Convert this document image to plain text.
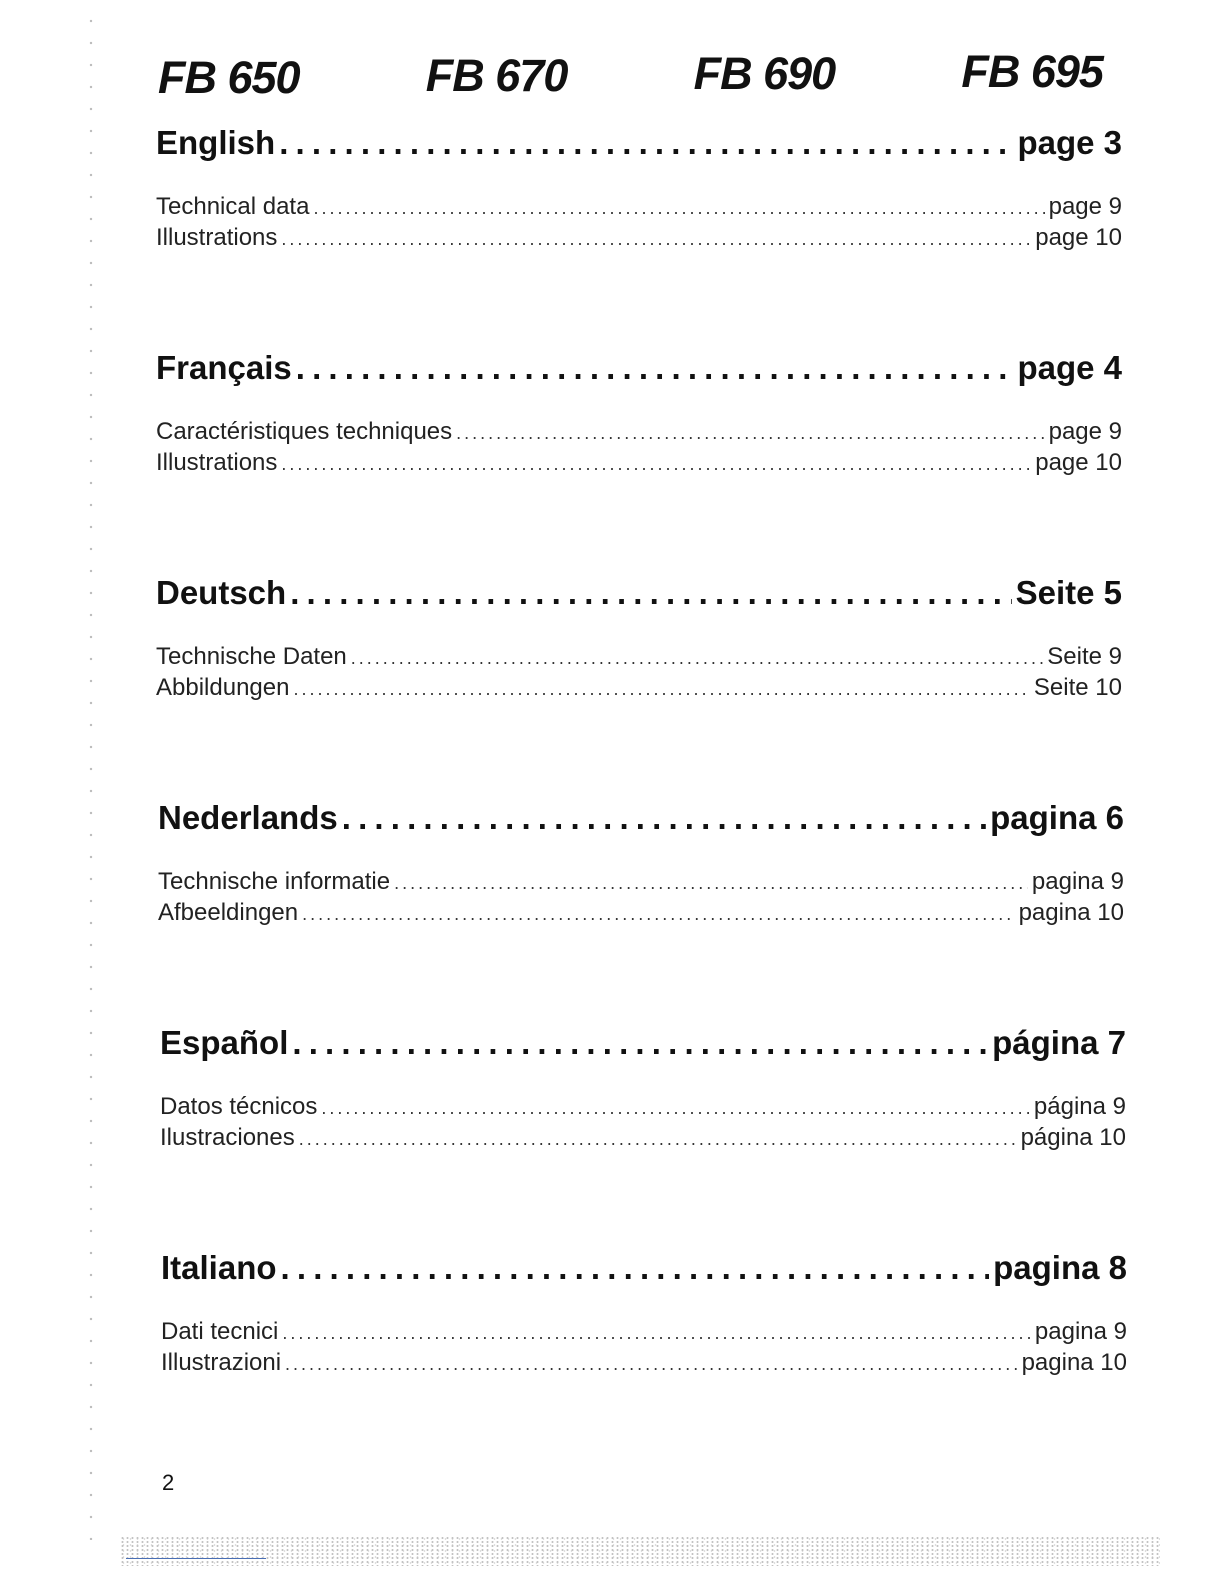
FB 650	FB 670	FB 690	FB 695
English . . .	page 3
Technical data . . .	page 9
Illustrations . . .	page 10
Français . . .	page 4
Caractéristiques techniques . . .	page 9
Illustrations . . .	page 10
Deutsch . . .	Seite 5
Technische Daten . . .	Seite 9
Abbildungen . . .	Seite 10
Nederlands . . .	pagina 6
Technische informatie . . .	pagina 9
Afbeeldingen . . .	pagina 10
Español . . .	página 7
Datos técnicos . . .	página 9
Ilustraciones . . .	página 10
Italiano . . .	pagina 8
Dati tecnici . . .	pagina 9
Illustrazioni . . .	pagina 10
2
